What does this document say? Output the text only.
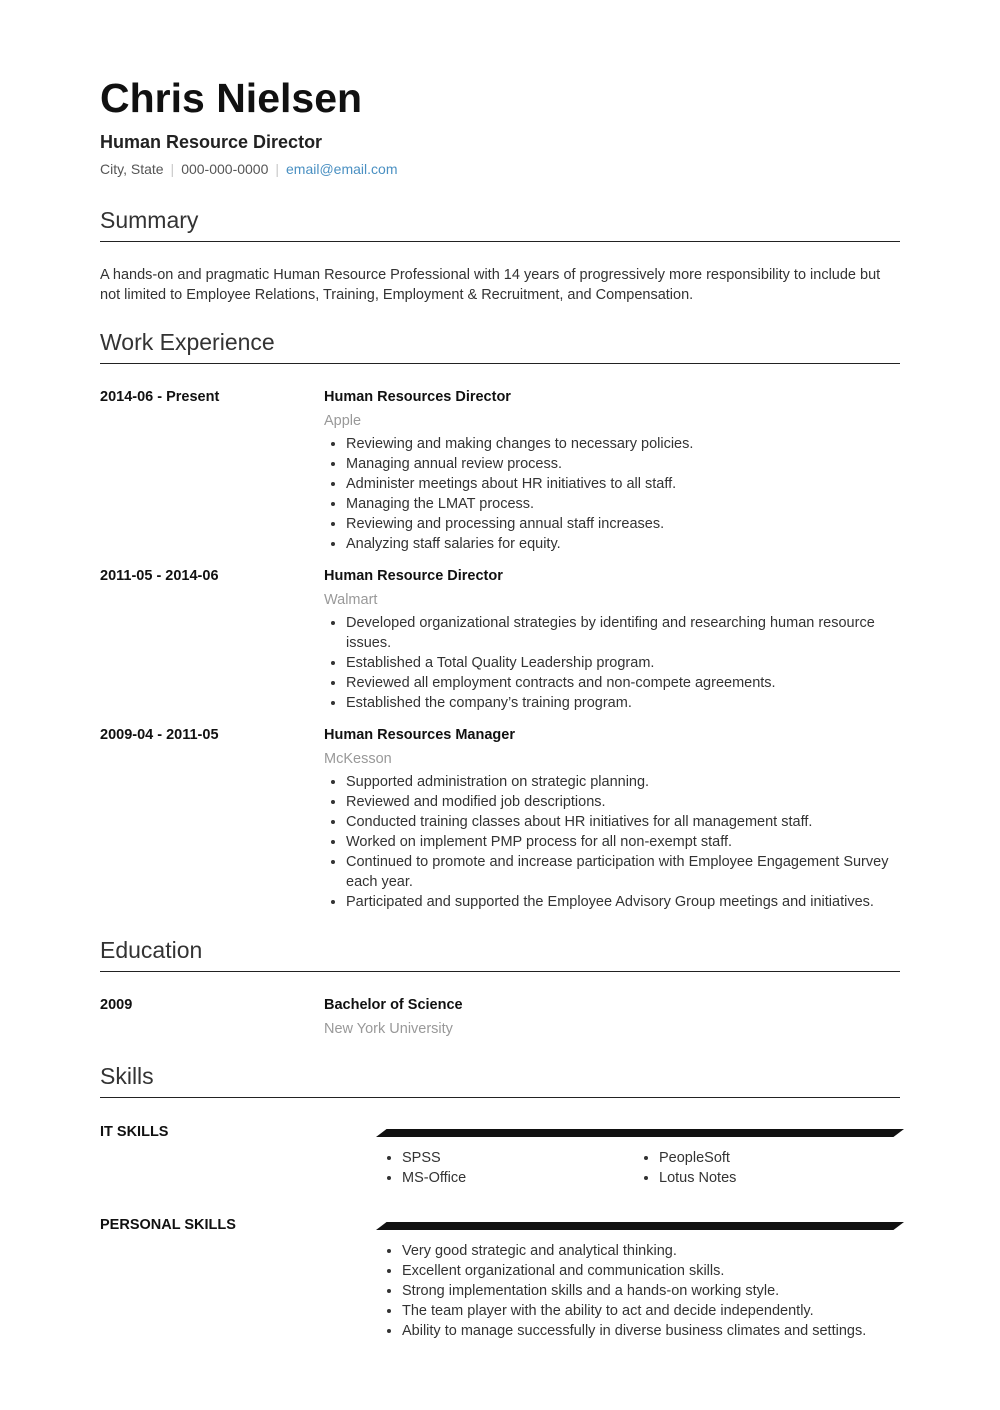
Chris Nielsen
Human Resource Director
City, State | 000-000-0000 | email@email.com
Summary
A hands-on and pragmatic Human Resource Professional with 14 years of progressively more responsibility to include but not limited to Employee Relations, Training, Employment & Recruitment, and Compensation.
Work Experience
2014-06 - Present	Human Resources Director
Apple
• Reviewing and making changes to necessary policies.
• Managing annual review process.
• Administer meetings about HR initiatives to all staff.
• Managing the LMAT process.
• Reviewing and processing annual staff increases.
• Analyzing staff salaries for equity.
2011-05 - 2014-06	Human Resource Director
Walmart
• Developed organizational strategies by identifing and researching human resource issues.
• Established a Total Quality Leadership program.
• Reviewed all employment contracts and non-compete agreements.
• Established the company’s training program.
2009-04 - 2011-05	Human Resources Manager
McKesson
• Supported administration on strategic planning.
• Reviewed and modified job descriptions.
• Conducted training classes about HR initiatives for all management staff.
• Worked on implement PMP process for all non-exempt staff.
• Continued to promote and increase participation with Employee Engagement Survey each year.
• Participated and supported the Employee Advisory Group meetings and initiatives.
Education
2009	Bachelor of Science
New York University
Skills
IT SKILLS
• SPSS
• MS-Office
• PeopleSoft
• Lotus Notes
PERSONAL SKILLS
• Very good strategic and analytical thinking.
• Excellent organizational and communication skills.
• Strong implementation skills and a hands-on working style.
• The team player with the ability to act and decide independently.
• Ability to manage successfully in diverse business climates and settings.
